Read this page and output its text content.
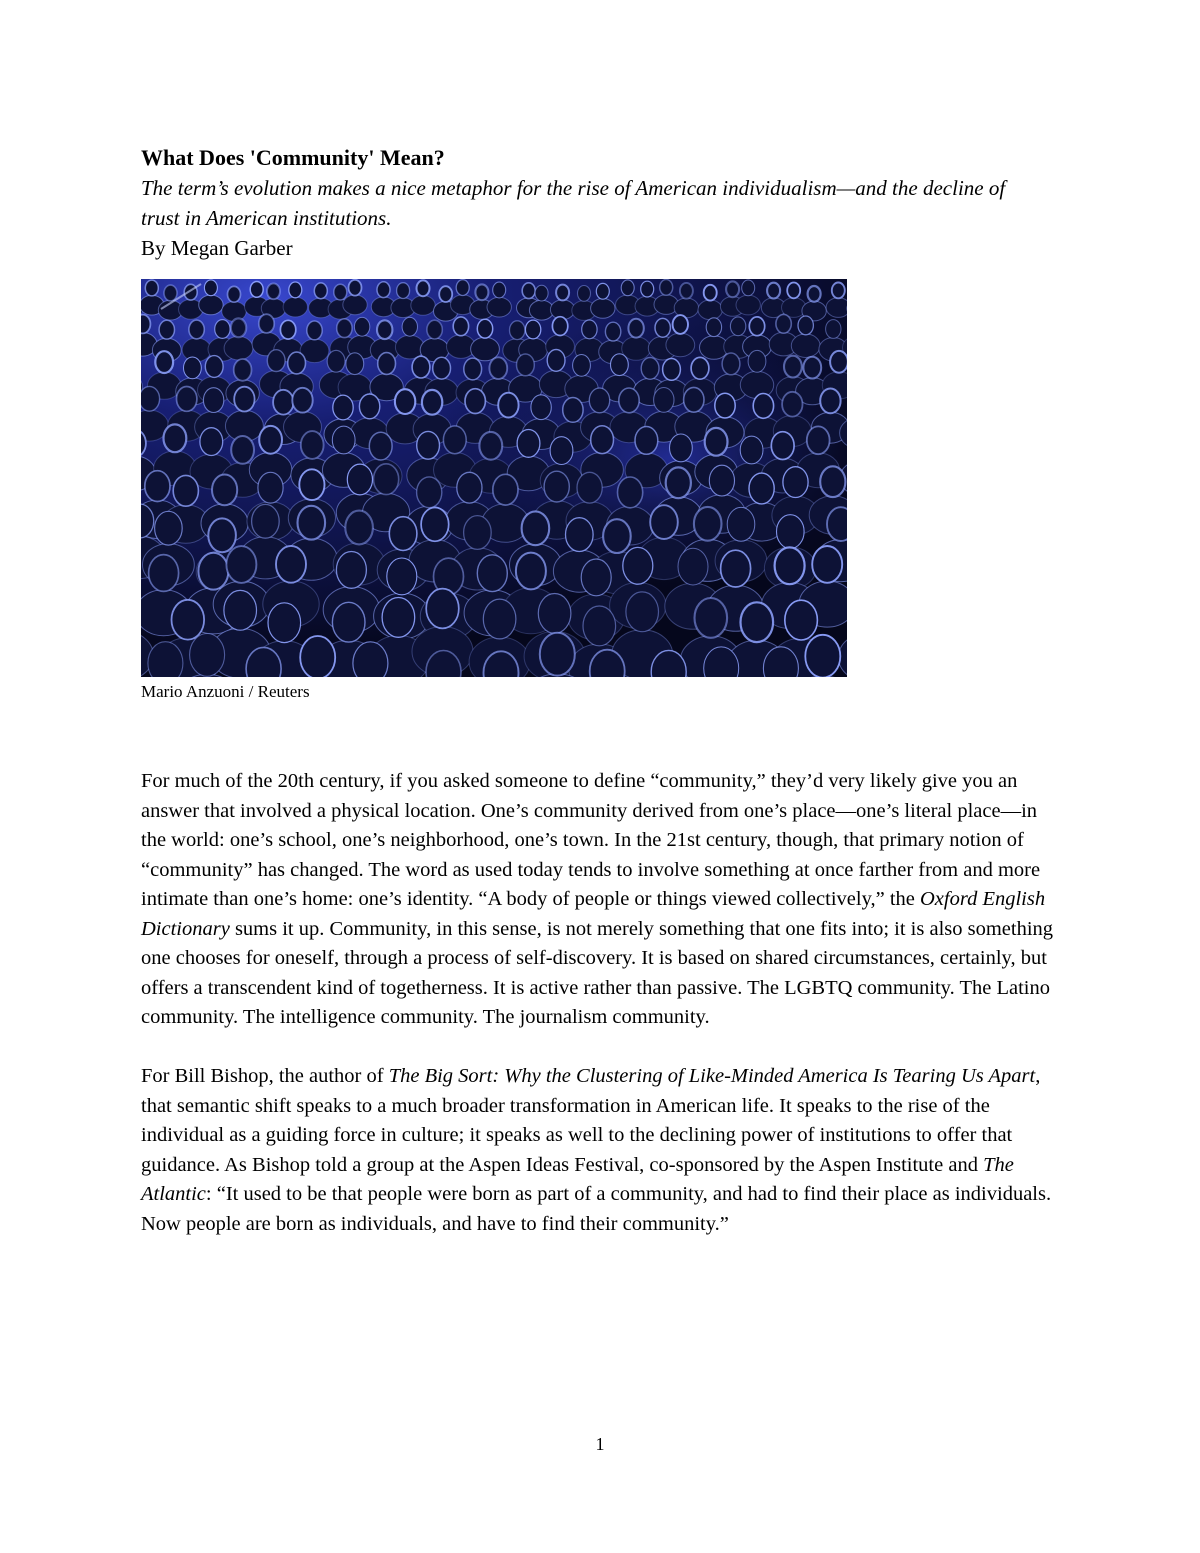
What Does 'Community' Mean?

The term’s evolution makes a nice metaphor for the rise of American individualism—and the decline of trust in American institutions.

By Megan Garber

Mario Anzuoni / Reuters

For much of the 20th century, if you asked someone to define “community,” they’d very likely give you an answer that involved a physical location. One’s community derived from one’s place—one’s literal place—in the world: one’s school, one’s neighborhood, one’s town. In the 21st century, though, that primary notion of “community” has changed. The word as used today tends to involve something at once farther from and more intimate than one’s home: one’s identity. “A body of people or things viewed collectively,” the Oxford English Dictionary sums it up. Community, in this sense, is not merely something that one fits into; it is also something one chooses for oneself, through a process of self-discovery. It is based on shared circumstances, certainly, but offers a transcendent kind of togetherness. It is active rather than passive. The LGBTQ community. The Latino community. The intelligence community. The journalism community.

For Bill Bishop, the author of The Big Sort: Why the Clustering of Like-Minded America Is Tearing Us Apart, that semantic shift speaks to a much broader transformation in American life. It speaks to the rise of the individual as a guiding force in culture; it speaks as well to the declining power of institutions to offer that guidance. As Bishop told a group at the Aspen Ideas Festival, co-sponsored by the Aspen Institute and The Atlantic: “It used to be that people were born as part of a community, and had to find their place as individuals. Now people are born as individuals, and have to find their community.”

1
